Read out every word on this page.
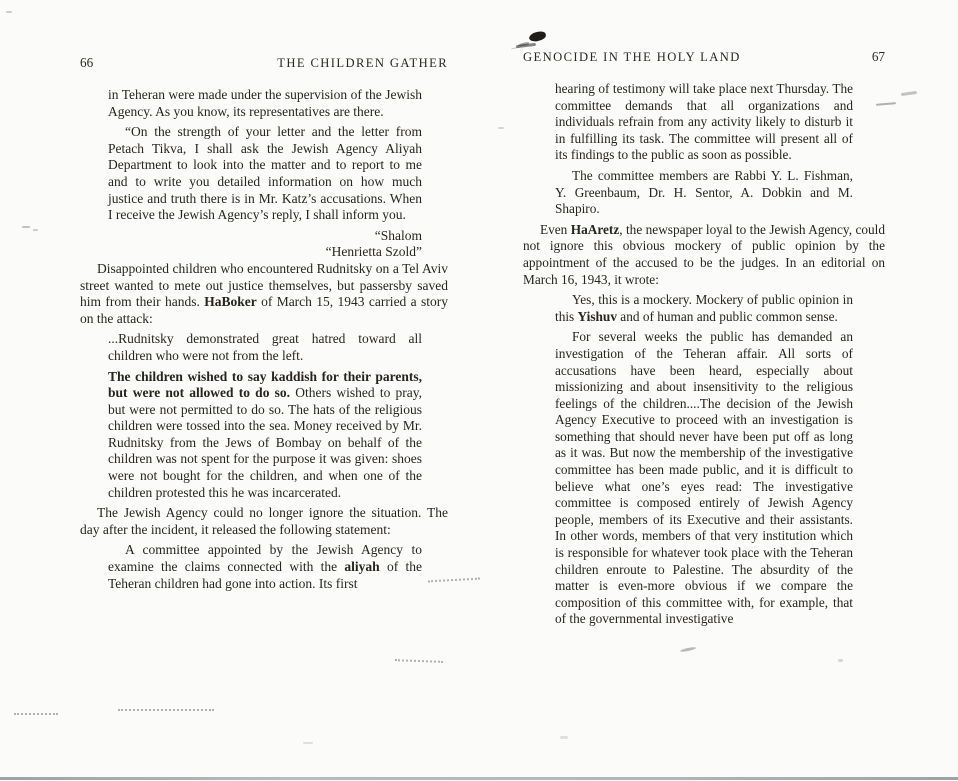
66	THE CHILDREN GATHER

in Teheran were made under the supervision of the Jewish Agency. As you know, its representatives are there.

“On the strength of your letter and the letter from Petach Tikva, I shall ask the Jewish Agency Aliyah Department to look into the matter and to report to me and to write you detailed information on how much justice and truth there is in Mr. Katz’s accusations. When I receive the Jewish Agency’s reply, I shall inform you.

“Shalom

“Henrietta Szold”

Disappointed children who encountered Rudnitsky on a Tel Aviv street wanted to mete out justice themselves, but passersby saved him from their hands. HaBoker of March 15, 1943 carried a story on the attack:

...Rudnitsky demonstrated great hatred toward all children who were not from the left.

The children wished to say kaddish for their parents, but were not allowed to do so. Others wished to pray, but were not permitted to do so. The hats of the religious children were tossed into the sea. Money received by Mr. Rudnitsky from the Jews of Bombay on behalf of the children was not spent for the purpose it was given: shoes were not bought for the children, and when one of the children protested this he was incarcerated.

The Jewish Agency could no longer ignore the situation. The day after the incident, it released the following statement:

A committee appointed by the Jewish Agency to examine the claims connected with the aliyah of the Teheran children had gone into action. Its first

GENOCIDE IN THE HOLY LAND	67

hearing of testimony will take place next Thursday. The committee demands that all organizations and individuals refrain from any activity likely to disturb it in fulfilling its task. The committee will present all of its findings to the public as soon as possible.

The committee members are Rabbi Y. L. Fishman, Y. Greenbaum, Dr. H. Sentor, A. Dobkin and M. Shapiro.

Even HaAretz, the newspaper loyal to the Jewish Agency, could not ignore this obvious mockery of public opinion by the appointment of the accused to be the judges. In an editorial on March 16, 1943, it wrote:

Yes, this is a mockery. Mockery of public opinion in this Yishuv and of human and public common sense.

For several weeks the public has demanded an investigation of the Teheran affair. All sorts of accusations have been heard, especially about missionizing and about insensitivity to the religious feelings of the children....The decision of the Jewish Agency Executive to proceed with an investigation is something that should never have been put off as long as it was. But now the membership of the investigative committee has been made public, and it is difficult to believe what one’s eyes read: The investigative committee is composed entirely of Jewish Agency people, members of its Executive and their assistants. In other words, members of that very institution which is responsible for whatever took place with the Teheran children enroute to Palestine. The absurdity of the matter is even-more obvious if we compare the composition of this committee with, for example, that of the governmental investigative
